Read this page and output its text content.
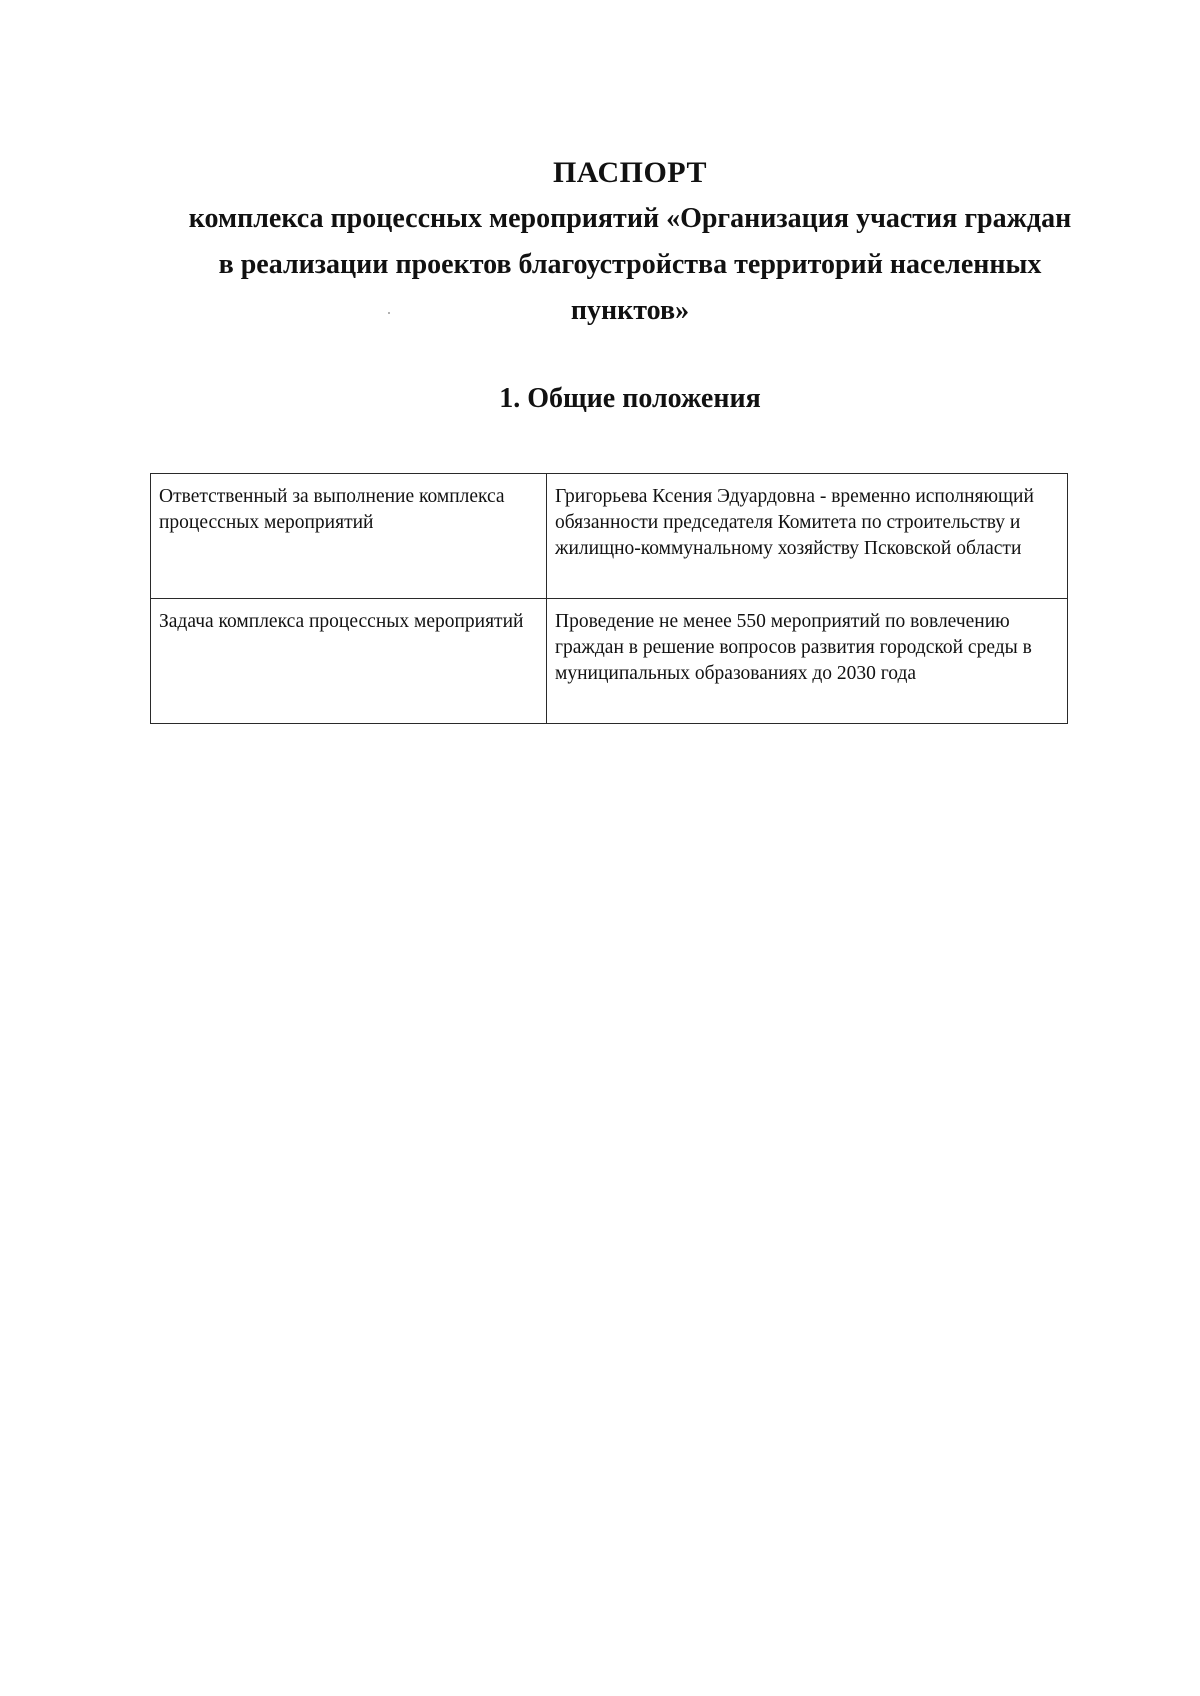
ПАСПОРТ
комплекса процессных мероприятий «Организация участия граждан в реализации проектов благоустройства территорий населенных пунктов»
1. Общие положения
Ответственный за выполнение комплекса процессных мероприятий	Григорьева Ксения Эдуардовна - временно исполняющий обязанности председателя Комитета по строительству и жилищно-коммунальному хозяйству Псковской области
Задача комплекса процессных мероприятий	Проведение не менее 550 мероприятий по вовлечению граждан в решение вопросов развития городской среды в муниципальных образованиях до 2030 года
